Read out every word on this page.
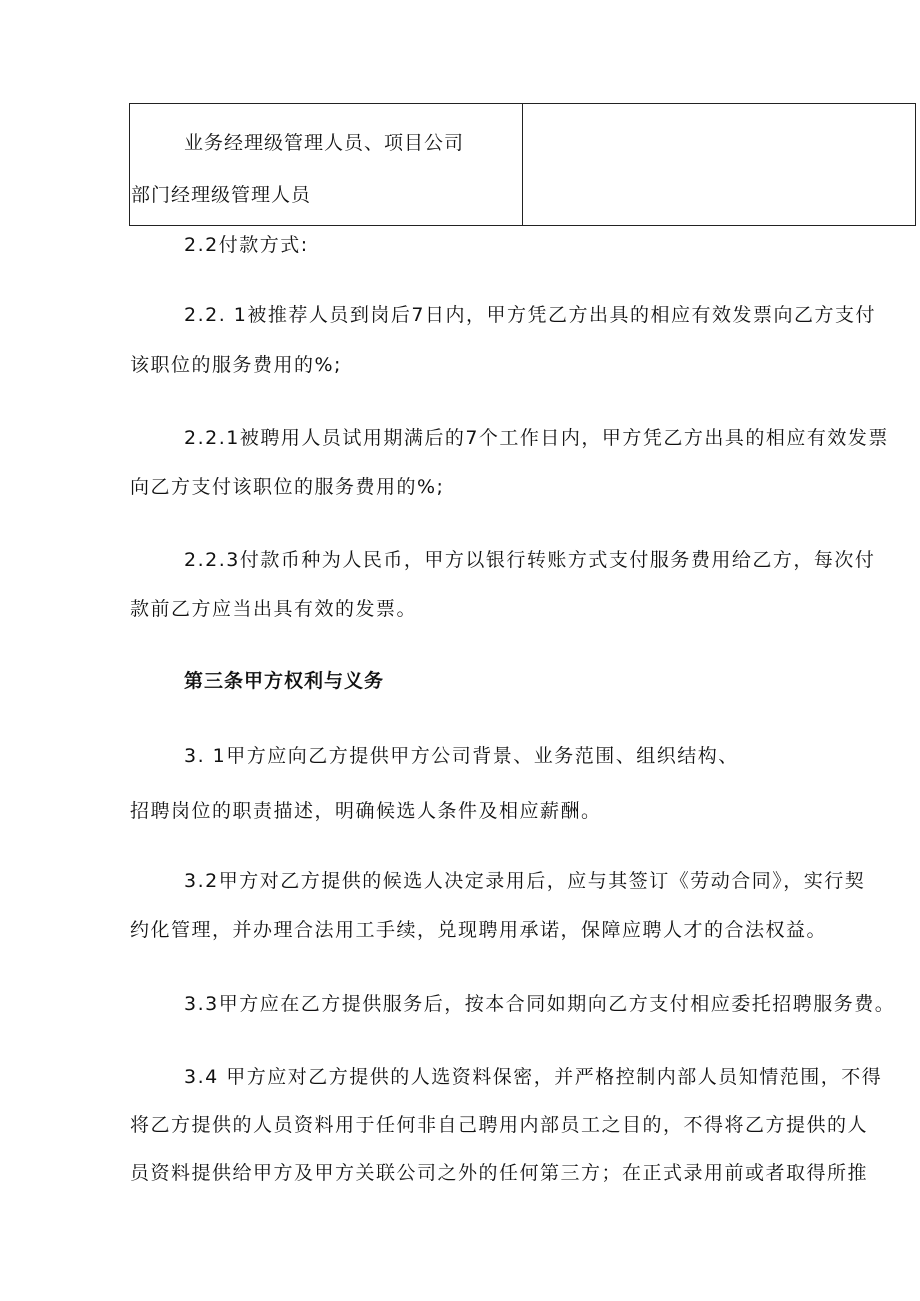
业务经理级管理人员、项目公司
部门经理级管理人员
2.2付款方式:
2.2. 1被推荐人员到岗后7日内，甲方凭乙方出具的相应有效发票向乙方支付
该职位的服务费用的%;
2.2.1被聘用人员试用期满后的7个工作日内，甲方凭乙方出具的相应有效发票
向乙方支付该职位的服务费用的%;
2.2.3付款币种为人民币，甲方以银行转账方式支付服务费用给乙方，每次付
款前乙方应当出具有效的发票。
第三条甲方权利与义务
3. 1甲方应向乙方提供甲方公司背景、业务范围、组织结构、
招聘岗位的职责描述，明确候选人条件及相应薪酬。
3.2甲方对乙方提供的候选人决定录用后，应与其签订《劳动合同》，实行契
约化管理，并办理合法用工手续，兑现聘用承诺，保障应聘人才的合法权益。
3.3甲方应在乙方提供服务后，按本合同如期向乙方支付相应委托招聘服务费。
3.4 甲方应对乙方提供的人选资料保密，并严格控制内部人员知情范围，不得
将乙方提供的人员资料用于任何非自己聘用内部员工之目的，不得将乙方提供的人
员资料提供给甲方及甲方关联公司之外的任何第三方；在正式录用前或者取得所推
